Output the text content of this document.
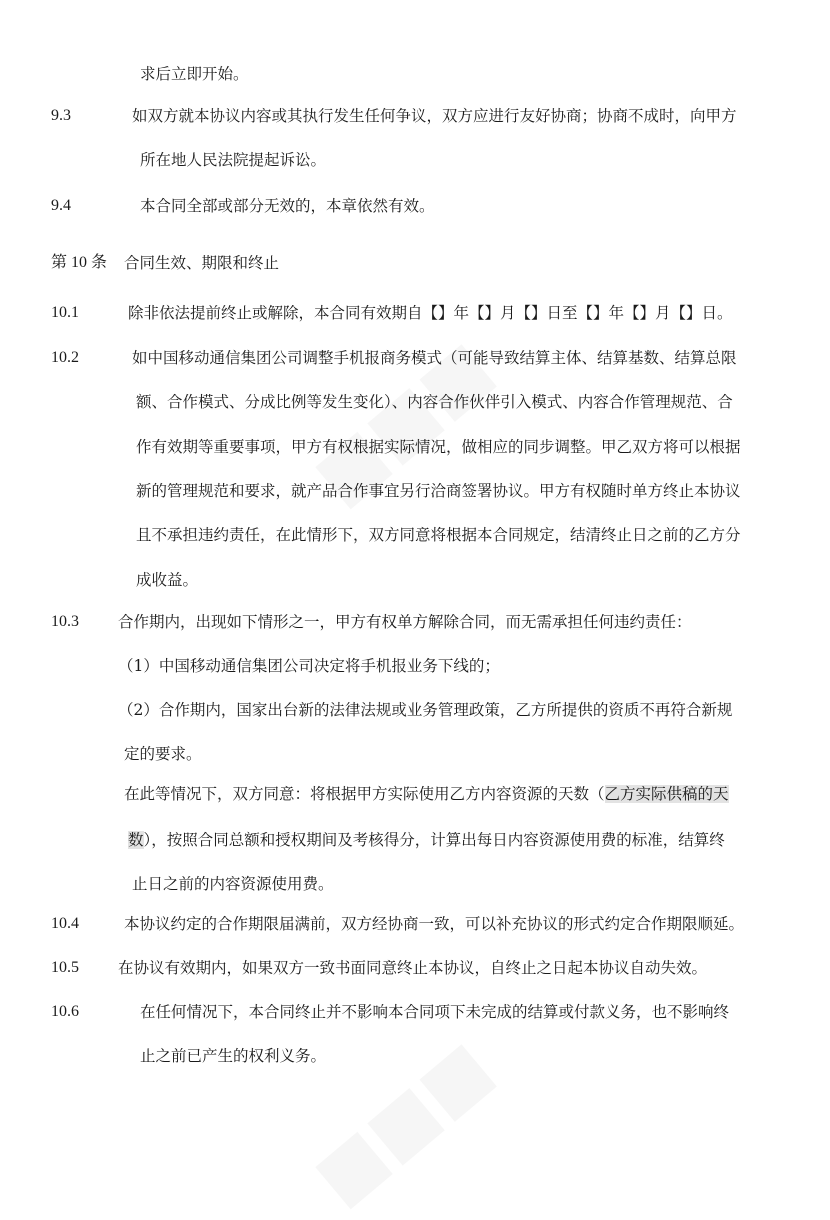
求后立即开始。
9.3	如双方就本协议内容或其执行发生任何争议，双方应进行友好协商；协商不成时，向甲方
所在地人民法院提起诉讼。
9.4	本合同全部或部分无效的，本章依然有效。
第 10 条 合同生效、期限和终止
10.1	除非依法提前终止或解除，本合同有效期自【】年【】月【】日至【】年【】月【】日。
10.2	如中国移动通信集团公司调整手机报商务模式（可能导致结算主体、结算基数、结算总限
额、合作模式、分成比例等发生变化）、内容合作伙伴引入模式、内容合作管理规范、合
作有效期等重要事项，甲方有权根据实际情况，做相应的同步调整。甲乙双方将可以根据
新的管理规范和要求，就产品合作事宜另行洽商签署协议。甲方有权随时单方终止本协议
且不承担违约责任，在此情形下，双方同意将根据本合同规定，结清终止日之前的乙方分
成收益。
10.3	合作期内，出现如下情形之一，甲方有权单方解除合同，而无需承担任何违约责任：
（1）中国移动通信集团公司决定将手机报业务下线的；
（2）合作期内，国家出台新的法律法规或业务管理政策，乙方所提供的资质不再符合新规
定的要求。
在此等情况下，双方同意：将根据甲方实际使用乙方内容资源的天数（乙方实际供稿的天
数），按照合同总额和授权期间及考核得分，计算出每日内容资源使用费的标准，结算终
止日之前的内容资源使用费。
10.4	本协议约定的合作期限届满前，双方经协商一致，可以补充协议的形式约定合作期限顺延。
10.5	在协议有效期内，如果双方一致书面同意终止本协议，自终止之日起本协议自动失效。
10.6	在任何情况下，本合同终止并不影响本合同项下未完成的结算或付款义务，也不影响终
止之前已产生的权利义务。
